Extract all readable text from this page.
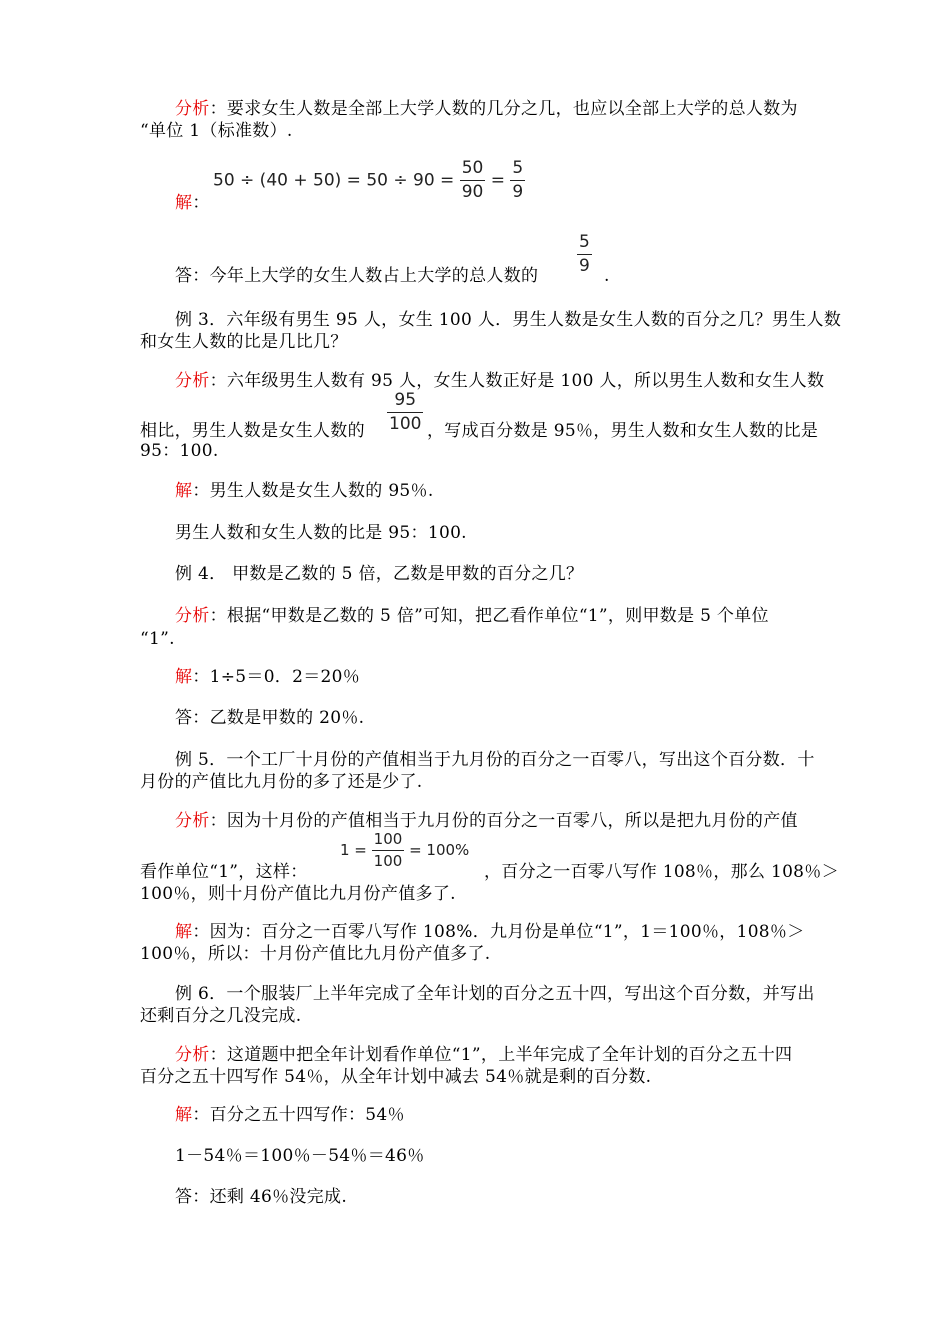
分析：要求女生人数是全部上大学人数的几分之几，也应以全部上大学的总人数为
“单位 1（标准数）.
$50 \div (40 + 50) = 50 \div 90 = \frac{50}{90} = \frac{5}{9}$
解：
答：今年上大学的女生人数占上大学的总人数的
$\frac{5}{9}$
.
例 3．六年级有男生 95 人，女生 100 人．男生人数是女生人数的百分之几？男生人数
和女生人数的比是几比几？
分析：六年级男生人数有 95 人，女生人数正好是 100 人，所以男生人数和女生人数
相比，男生人数是女生人数的 $\frac{95}{100}$ ，写成百分数是 95％，男生人数和女生人数的比是
95：100.
解：男生人数是女生人数的 95％.
男生人数和女生人数的比是 95：100.
例 4． 甲数是乙数的 5 倍，乙数是甲数的百分之几？
分析：根据“甲数是乙数的 5 倍”可知，把乙看作单位“1”，则甲数是 5 个单位
“1”.
解：1÷5＝0．2＝20％
答：乙数是甲数的 20％.
例 5．一个工厂十月份的产值相当于九月份的百分之一百零八，写出这个百分数．十
月份的产值比九月份的多了还是少了.
分析：因为十月份的产值相当于九月份的百分之一百零八，所以是把九月份的产值
看作单位“1”，这样：
$1 = \frac{100}{100} = 100\%$
，百分之一百零八写作 108％，那么 108％＞
100％，则十月份产值比九月份产值多了.
解：因为：百分之一百零八写作 108%．九月份是单位“1”，1＝100％，108％＞
100％，所以：十月份产值比九月份产值多了.
例 6．一个服装厂上半年完成了全年计划的百分之五十四，写出这个百分数，并写出
还剩百分之几没完成.
分析：这道题中把全年计划看作单位“1”，上半年完成了全年计划的百分之五十四
百分之五十四写作 54％，从全年计划中减去 54％就是剩的百分数.
解：百分之五十四写作：54％
1－54％＝100％－54％＝46％
答：还剩 46％没完成.
